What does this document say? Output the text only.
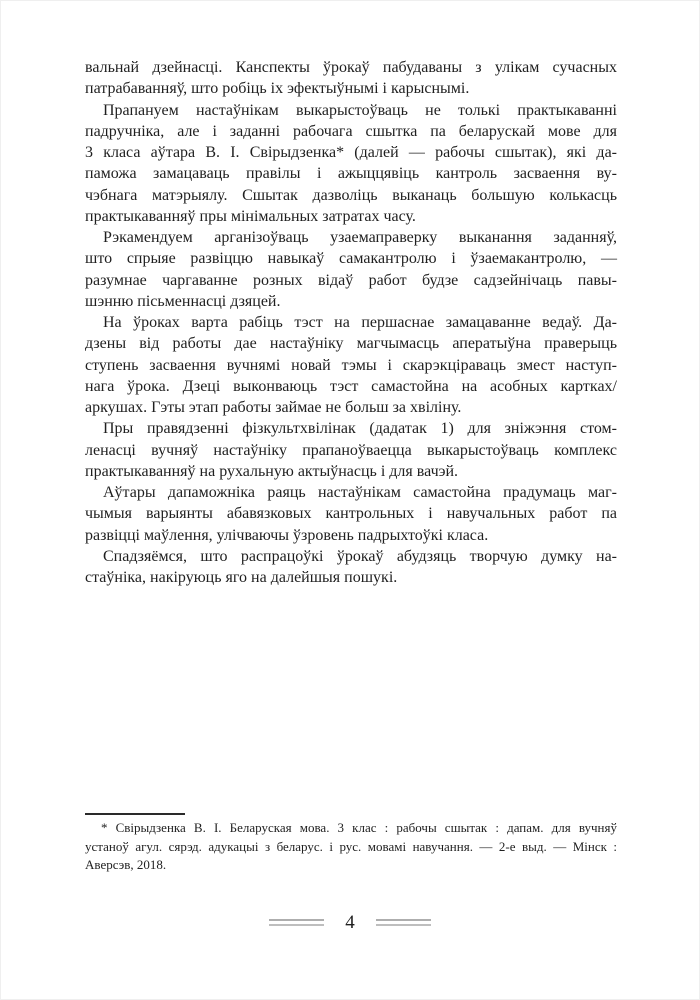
вальнай дзейнасці. Канспекты ўрокаў пабудаваны з улікам сучасных
патрабаванняў, што робіць іх эфектыўнымі і карыснымі.
Прапануем настаўнікам выкарыстоўваць не толькі практыкаванні
падручніка, але і заданні рабочага сшытка па беларускай мове для
3 класа аўтара В. І. Свірыдзенка* (далей — рабочы сшытак), які да-
паможа замацаваць правілы і ажыццявіць кантроль засваення ву-
чэбнага матэрыялу. Сшытак дазволіць выканаць большую колькасць
практыкаванняў пры мінімальных затратах часу.
Рэкамендуем арганізоўваць узаемаправерку выканання заданняў,
што спрыяе развіццю навыкаў самакантролю і ўзаемакантролю, —
разумнае чаргаванне розных відаў работ будзе садзейнічаць павы-
шэнню пісьменнасці дзяцей.
На ўроках варта рабіць тэст на першаснае замацаванне ведаў. Да-
дзены від работы дае настаўніку магчымасць аператыўна праверыць
ступень засваення вучнямі новай тэмы і скарэкціраваць змест наступ-
нага ўрока. Дзеці выконваюць тэст самастойна на асобных картках/
аркушах. Гэты этап работы займае не больш за хвіліну.
Пры правядзенні фізкультхвілінак (дадатак 1) для зніжэння стом-
ленасці вучняў настаўніку прапаноўваецца выкарыстоўваць комплекс
практыкаванняў на рухальную актыўнасць і для вачэй.
Аўтары дапаможніка раяць настаўнікам самастойна прадумаць маг-
чымыя варыянты абавязковых кантрольных і навучальных работ па
развіцці маўлення, улічваючы ўзровень падрыхтоўкі класа.
Спадзяёмся, што распрацоўкі ўрокаў абудзяць творчую думку на-
стаўніка, накіруюць яго на далейшыя пошукі.
* Свірыдзенка В. І. Беларуская мова. 3 клас : рабочы сшытак : дапам. для вучняў
устаноў агул. сярэд. адукацыі з беларус. і рус. мовамі навучання. — 2-е выд. — Мінск :
Аверсэв, 2018.
4
